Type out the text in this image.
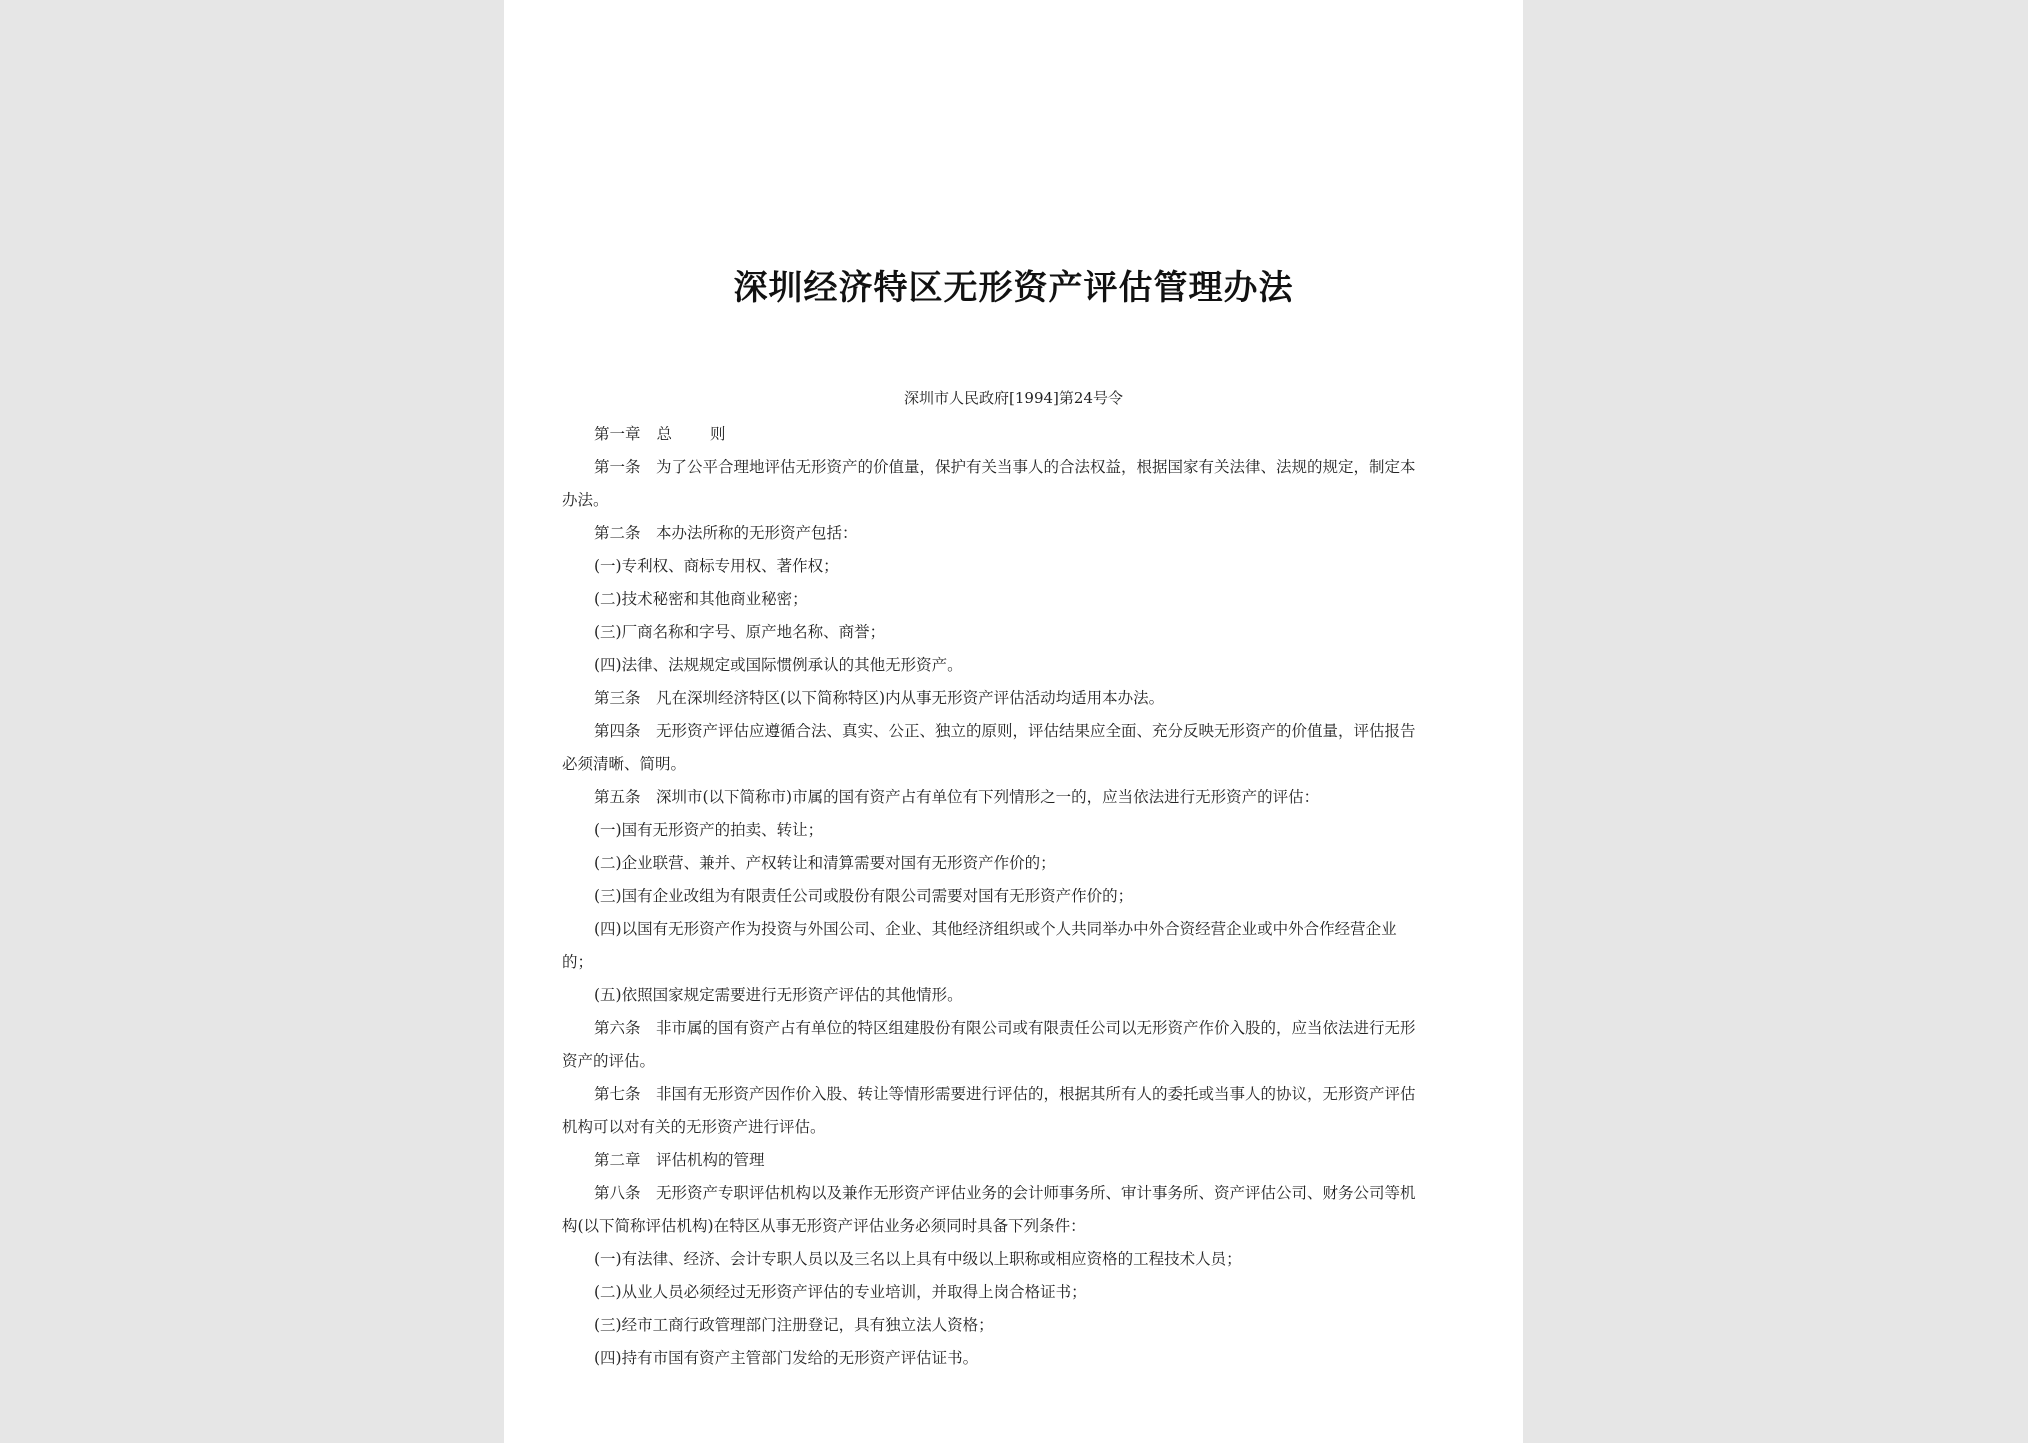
深圳经济特区无形资产评估管理办法
深圳市人民政府[1994]第24号令
第一章 总 则
第一条　为了公平合理地评估无形资产的价值量，保护有关当事人的合法权益，根据国家有关法律、法规的规定，制定本
办法。
第二条　本办法所称的无形资产包括：
(一)专利权、商标专用权、著作权；
(二)技术秘密和其他商业秘密；
(三)厂商名称和字号、原产地名称、商誉；
(四)法律、法规规定或国际惯例承认的其他无形资产。
第三条　凡在深圳经济特区(以下简称特区)内从事无形资产评估活动均适用本办法。
第四条　无形资产评估应遵循合法、真实、公正、独立的原则，评估结果应全面、充分反映无形资产的价值量，评估报告
必须清晰、简明。
第五条　深圳市(以下简称市)市属的国有资产占有单位有下列情形之一的，应当依法进行无形资产的评估：
(一)国有无形资产的拍卖、转让；
(二)企业联营、兼并、产权转让和清算需要对国有无形资产作价的；
(三)国有企业改组为有限责任公司或股份有限公司需要对国有无形资产作价的；
(四)以国有无形资产作为投资与外国公司、企业、其他经济组织或个人共同举办中外合资经营企业或中外合作经营企业
的；
(五)依照国家规定需要进行无形资产评估的其他情形。
第六条　非市属的国有资产占有单位的特区组建股份有限公司或有限责任公司以无形资产作价入股的，应当依法进行无形
资产的评估。
第七条　非国有无形资产因作价入股、转让等情形需要进行评估的，根据其所有人的委托或当事人的协议，无形资产评估
机构可以对有关的无形资产进行评估。
第二章　评估机构的管理
第八条　无形资产专职评估机构以及兼作无形资产评估业务的会计师事务所、审计事务所、资产评估公司、财务公司等机
构(以下简称评估机构)在特区从事无形资产评估业务必须同时具备下列条件：
(一)有法律、经济、会计专职人员以及三名以上具有中级以上职称或相应资格的工程技术人员；
(二)从业人员必须经过无形资产评估的专业培训，并取得上岗合格证书；
(三)经市工商行政管理部门注册登记，具有独立法人资格；
(四)持有市国有资产主管部门发给的无形资产评估证书。
